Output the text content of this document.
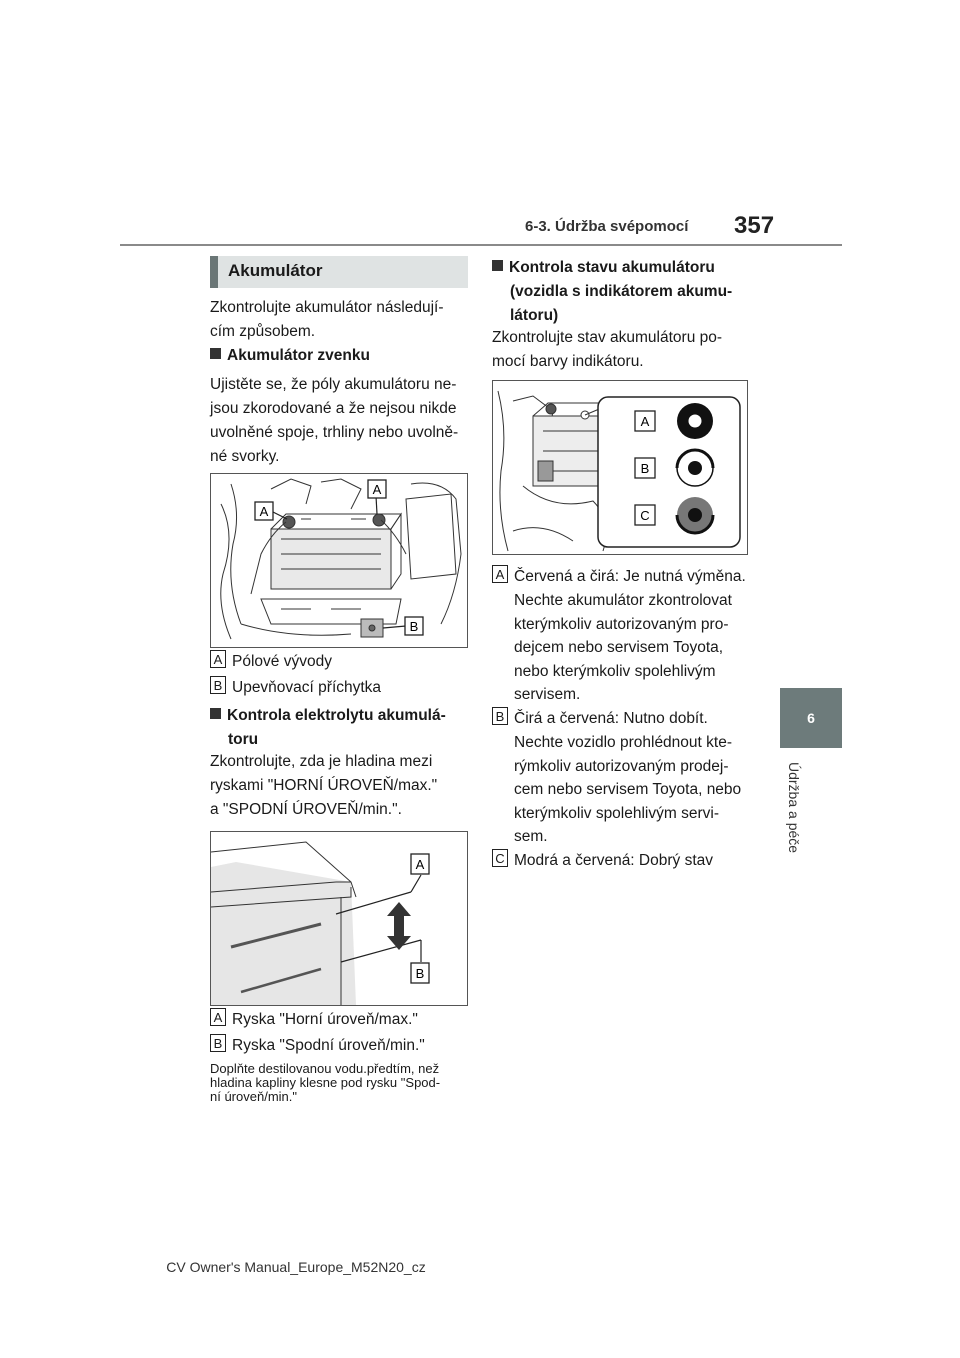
6-3. Údržba svépomocí 357
6
Údržba a péče
Akumulátor
Zkontrolujte akumulátor následují-
cím způsobem.
Akumulátor zvenku
Ujistěte se, že póly akumulátoru ne-
jsou zkorodované a že nejsou nikde
uvolněné spoje, trhliny nebo uvolně-
né svorky.
A
A
B
A Pólové vývody
B Upevňovací příchytka
Kontrola elektrolytu akumulá-
toru
Zkontrolujte, zda je hladina mezi
ryskami "HORNÍ ÚROVEŇ/max."
a "SPODNÍ ÚROVEŇ/min.".
A
B
A Ryska "Horní úroveň/max."
B Ryska "Spodní úroveň/min."
Doplňte destilovanou vodu.předtím, než
hladina kapliny klesne pod rysku "Spod-
ní úroveň/min."
Kontrola stavu akumulátoru
(vozidla s indikátorem akumu-
látoru)
Zkontrolujte stav akumulátoru po-
mocí barvy indikátoru.
A
B
C
A Červená a čirá: Je nutná výměna.
Nechte akumulátor zkontrolovat
kterýmkoliv autorizovaným pro-
dejcem nebo servisem Toyota,
nebo kterýmkoliv spolehlivým
servisem.
B Čirá a červená: Nutno dobít.
Nechte vozidlo prohlédnout kte-
rýmkoliv autorizovaným prodej-
cem nebo servisem Toyota, nebo
kterýmkoliv spolehlivým servi-
sem.
C Modrá a červená: Dobrý stav
CV Owner's Manual_Europe_M52N20_cz
